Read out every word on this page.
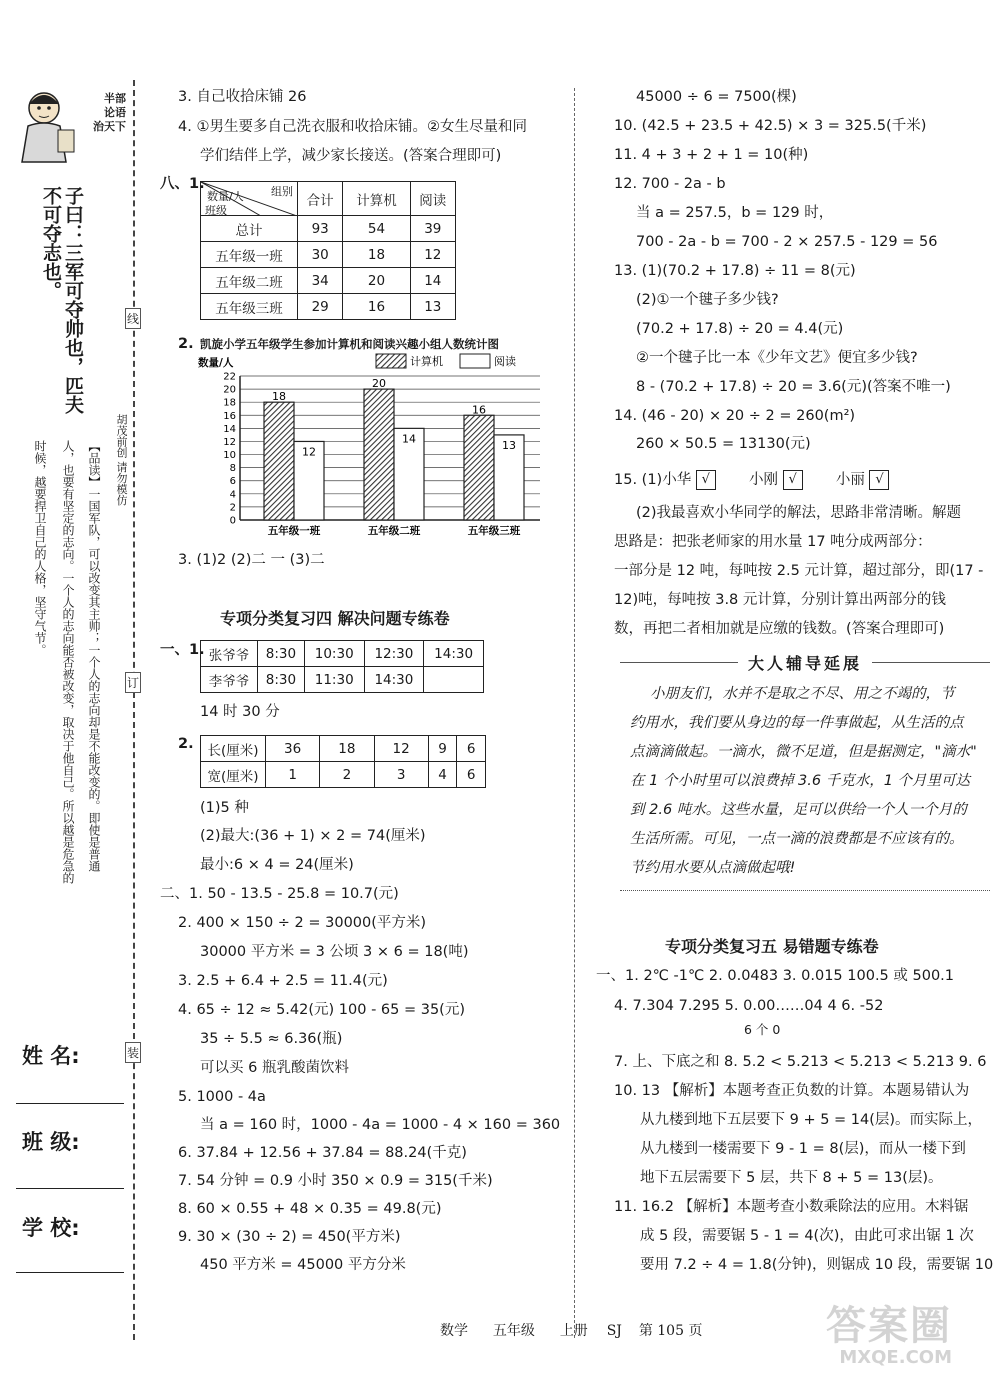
半部
论语
治天下
不可夺志也。 子曰：三军可夺帅也，匹夫
时候，越要捍卫自己的人格，坚守气节。 人，也要有坚定的志向。一个人的志向能否被改变，取决于他自己。所以越是危急的 【品读】一国军队，可以改变其主帅；一个人的志向却是不能改变的。即使是普通 胡茂前创 请勿模仿
线
订
装
姓 名:
班 级:
学 校:
3. 自己收拾床铺 26
4. ①男生要多自己洗衣服和收拾床铺。②女生尽量和同
学们结伴上学，减少家长接送。(答案合理即可)
八、1.	组别
数量/人
班级	合计	计算机	阅读
总计	93	54	39
五年级一班	30	18	12
五年级二班	34	20	14
五年级三班	29	16	13
2. 凯旋小学五年级学生参加计算机和阅读兴趣小组人数统计图
数量/人	计算机	阅读
0
2
4
6
8
10
12
14
16
18
20
22
18
12
五年级一班
20
14
五年级二班
16
13
五年级三班
3. (1)2 (2)二 一 (3)二
专项分类复习四 解决问题专练卷
一、1. 张爷爷	8:30	10:30	12:30	14:30
李爷爷	8:30	11:30	14:30	
14 时 30 分
2. 长(厘米)	36	18	12	9	6
宽(厘米)	1	2	3	4	6
(1)5 种
(2)最大:(36 + 1) × 2 = 74(厘米)
最小:6 × 4 = 24(厘米)
二、1. 50 - 13.5 - 25.8 = 10.7(元)
2. 400 × 150 ÷ 2 = 30000(平方米)
30000 平方米 = 3 公顷 3 × 6 = 18(吨)
3. 2.5 + 6.4 + 2.5 = 11.4(元)
4. 65 ÷ 12 ≈ 5.42(元) 100 - 65 = 35(元)
35 ÷ 5.5 ≈ 6.36(瓶)
可以买 6 瓶乳酸菌饮料
5. 1000 - 4a
当 a = 160 时，1000 - 4a = 1000 - 4 × 160 = 360
6. 37.84 + 12.56 + 37.84 = 88.24(千克)
7. 54 分钟 = 0.9 小时 350 × 0.9 = 315(千米)
8. 60 × 0.55 + 48 × 0.35 = 49.8(元)
9. 30 × (30 ÷ 2) = 450(平方米)
450 平方米 = 45000 平方分米
45000 ÷ 6 = 7500(棵)
10. (42.5 + 23.5 + 42.5) × 3 = 325.5(千米)
11. 4 + 3 + 2 + 1 = 10(种)
12. 700 - 2a - b
当 a = 257.5，b = 129 时，
700 - 2a - b = 700 - 2 × 257.5 - 129 = 56
13. (1)(70.2 + 17.8) ÷ 11 = 8(元)
(2)①一个毽子多少钱?
(70.2 + 17.8) ÷ 20 = 4.4(元)
②一个毽子比一本《少年文艺》便宜多少钱?
8 - (70.2 + 17.8) ÷ 20 = 3.6(元)(答案不唯一)
14. (46 - 20) × 20 ÷ 2 = 260(m²)
260 × 50.5 = 13130(元)
15. (1)小华 √	小刚 √	小丽 √
(2)我最喜欢小华同学的解法，思路非常清晰。解题
思路是：把张老师家的用水量 17 吨分成两部分：
一部分是 12 吨，每吨按 2.5 元计算，超过部分，即(17 -
12)吨，每吨按 3.8 元计算，分别计算出两部分的钱
数，再把二者相加就是应缴的钱数。(答案合理即可)
大人辅导延展
小朋友们，水并不是取之不尽、用之不竭的，节
约用水，我们要从身边的每一件事做起，从生活的点
点滴滴做起。一滴水，微不足道，但是据测定，"滴水"
在 1 个小时里可以浪费掉 3.6 千克水，1 个月里可达
到 2.6 吨水。这些水量，足可以供给一个人一个月的
生活所需。可见，一点一滴的浪费都是不应该有的。
节约用水要从点滴做起哦!
专项分类复习五 易错题专练卷
一、1. 2℃ -1℃ 2. 0.0483 3. 0.015 100.5 或 500.1
4. 7.304 7.295 5. 0.00……04 4 6. -52
6 个 0
7. 上、下底之和 8. 5.2 < 5.213 < 5.213 < 5.213 9. 6
10. 13 【解析】本题考查正负数的计算。本题易错认为
从九楼到地下五层要下 9 + 5 = 14(层)。而实际上，
从九楼到一楼需要下 9 - 1 = 8(层)，而从一楼下到
地下五层需要下 5 层，共下 8 + 5 = 13(层)。
11. 16.2 【解析】本题考查小数乘除法的应用。木料锯
成 5 段，需要锯 5 - 1 = 4(次)，由此可求出锯 1 次
要用 7.2 ÷ 4 = 1.8(分钟)，则锯成 10 段，需要锯 10
数学 五年级 上册 SJ 第 105 页	答案圈
MXQE.COM
